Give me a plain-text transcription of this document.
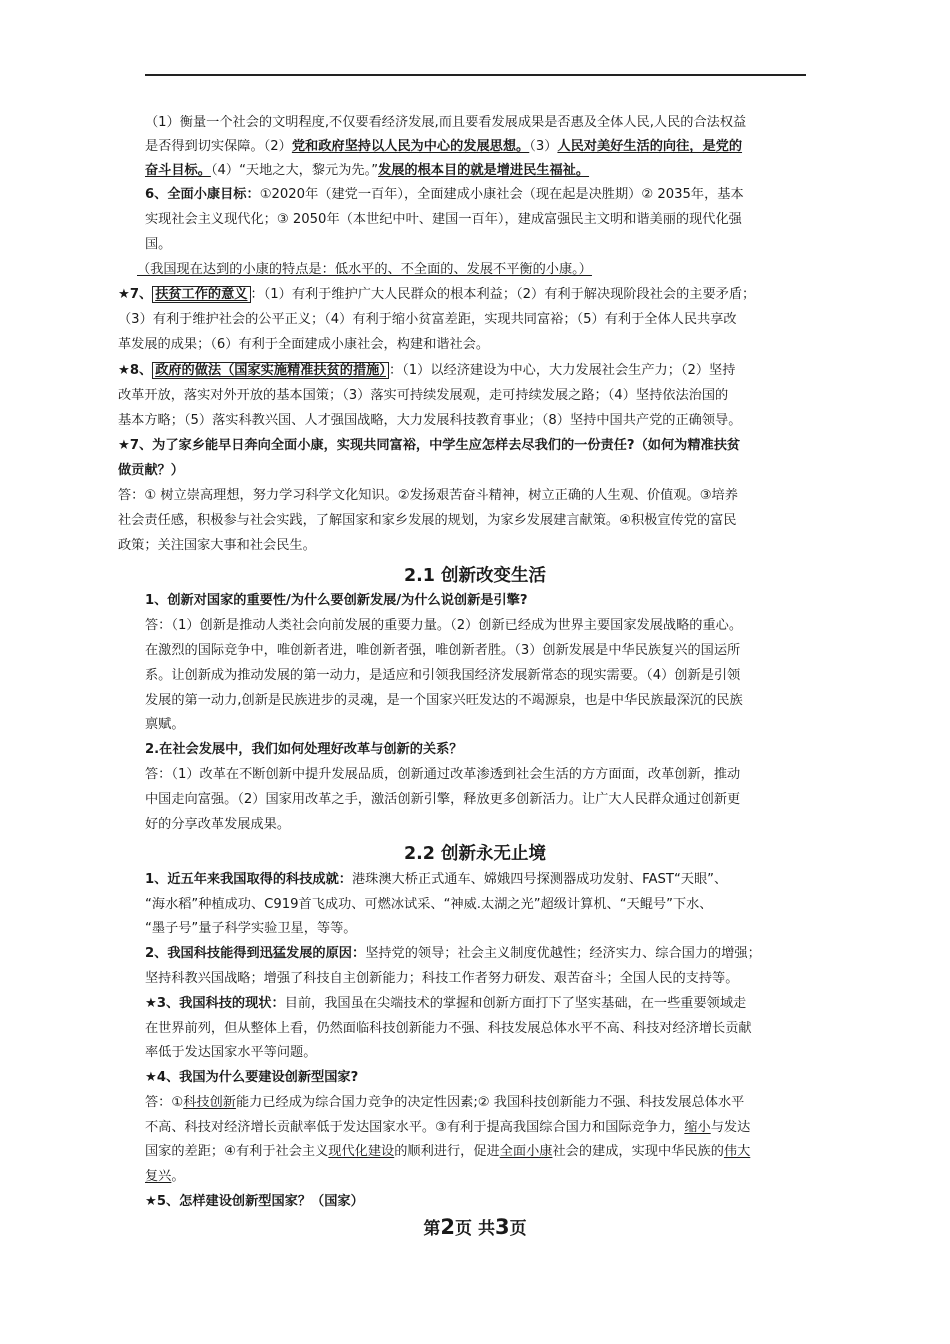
（1）衡量一个社会的文明程度,不仅要看经济发展,而且要看发展成果是否惠及全体人民,人民的合法权益
是否得到切实保障。（2）党和政府坚持以人民为中心的发展思想。（3）人民对美好生活的向往，是党的
奋斗目标。（4）“天地之大，黎元为先。”发展的根本目的就是增进民生福祉。
6、全面小康目标：①2020年（建党一百年），全面建成小康社会（现在起是决胜期）② 2035年，基本
实现社会主义现代化；③ 2050年（本世纪中叶、建国一百年），建成富强民主文明和谐美丽的现代化强
国。
（我国现在达到的小康的特点是：低水平的、不全面的、发展不平衡的小康。）
★7、 扶贫工作的意义 ：（1）有利于维护广大人民群众的根本利益；（2）有利于解决现阶段社会的主要矛盾；
（3）有利于维护社会的公平正义；（4）有利于缩小贫富差距，实现共同富裕；（5）有利于全体人民共享改
革发展的成果；（6）有利于全面建成小康社会，构建和谐社会。
★8、 政府的做法（国家实施精准扶贫的措施） ：（1）以经济建设为中心，大力发展社会生产力；（2）坚持
改革开放，落实对外开放的基本国策；（3）落实可持续发展观，走可持续发展之路；（4）坚持依法治国的
基本方略；（5）落实科教兴国、人才强国战略，大力发展科技教育事业；（8）坚持中国共产党的正确领导。
★7、为了家乡能早日奔向全面小康，实现共同富裕，中学生应怎样去尽我们的一份责任?（如何为精准扶贫
做贡献？）
答：① 树立崇高理想，努力学习科学文化知识。②发扬艰苦奋斗精神，树立正确的人生观、价值观。③培养
社会责任感，积极参与社会实践，了解国家和家乡发展的规划，为家乡发展建言献策。④积极宣传党的富民
政策；关注国家大事和社会民生。
2.1 创新改变生活
1、创新对国家的重要性/为什么要创新发展/为什么说创新是引擎?
答：（1）创新是推动人类社会向前发展的重要力量。（2）创新已经成为世界主要国家发展战略的重心。
在激烈的国际竞争中，唯创新者进，唯创新者强，唯创新者胜。（3）创新发展是中华民族复兴的国运所
系。让创新成为推动发展的第一动力，是适应和引领我国经济发展新常态的现实需要。（4）创新是引领
发展的第一动力,创新是民族进步的灵魂，是一个国家兴旺发达的不竭源泉，也是中华民族最深沉的民族
禀赋。
2.在社会发展中，我们如何处理好改革与创新的关系？
答：（1）改革在不断创新中提升发展品质，创新通过改革渗透到社会生活的方方面面，改革创新，推动
中国走向富强。（2）国家用改革之手，激活创新引擎，释放更多创新活力。让广大人民群众通过创新更
好的分享改革发展成果。
2.2 创新永无止境
1、近五年来我国取得的科技成就：港珠澳大桥正式通车、嫦娥四号探测器成功发射、FAST“天眼”、
“海水稻”种植成功、C919首飞成功、可燃冰试采、“神威.太湖之光”超级计算机、“天鲲号”下水、
“墨子号”量子科学实验卫星，等等。
2、我国科技能得到迅猛发展的原因：坚持党的领导；社会主义制度优越性；经济实力、综合国力的增强；
坚持科教兴国战略；增强了科技自主创新能力；科技工作者努力研发、艰苦奋斗；全国人民的支持等。
★3、我国科技的现状：目前，我国虽在尖端技术的掌握和创新方面打下了坚实基础，在一些重要领域走
在世界前列，但从整体上看，仍然面临科技创新能力不强、科技发展总体水平不高、科技对经济增长贡献
率低于发达国家水平等问题。
★4、我国为什么要建设创新型国家?
答：①科技创新能力已经成为综合国力竞争的决定性因素;② 我国科技创新能力不强、科技发展总体水平
不高、科技对经济增长贡献率低于发达国家水平。③有利于提高我国综合国力和国际竞争力，缩小与发达
国家的差距；④有利于社会主义现代化建设的顺利进行，促进全面小康社会的建成，实现中华民族的伟大
复兴。
★5、怎样建设创新型国家？（国家）
第2页 共3页
